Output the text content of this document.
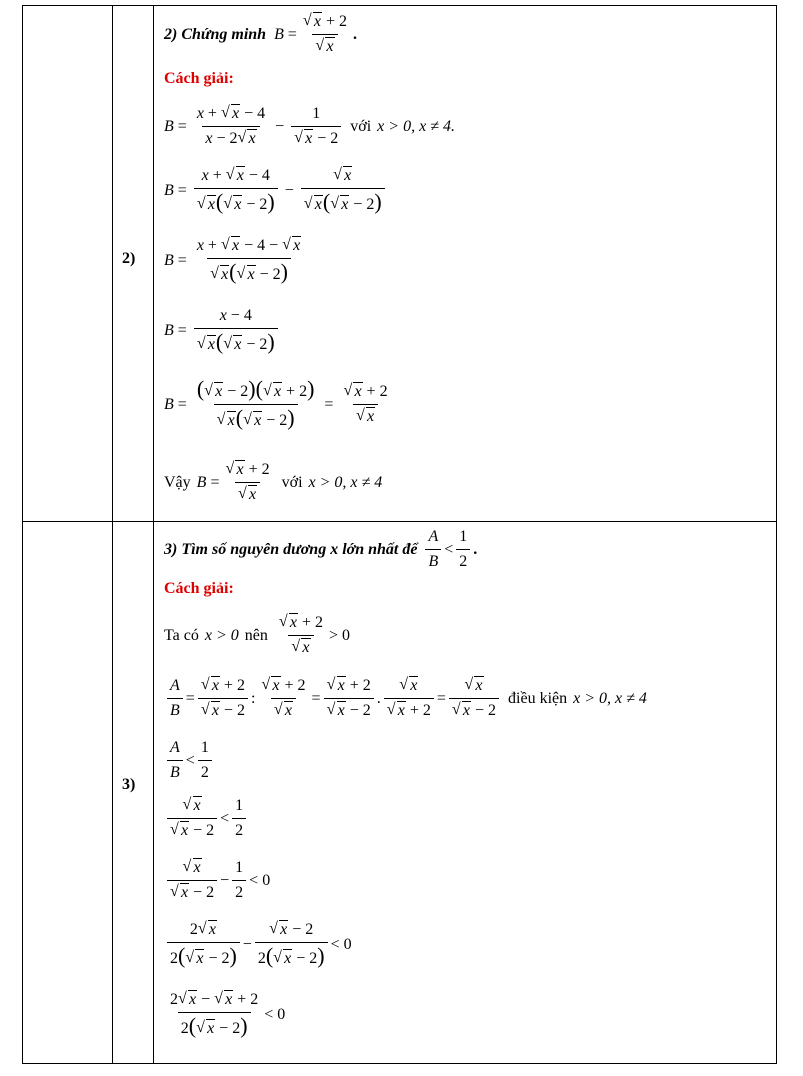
2)
3)
2) Chứng minh B = √ x + 2
√ x .
Cách giải:
$B = \frac{x + √ x - 4}{x - 2 √ x} - 1$
√ x − 2 với x > 0, x ≠ 4.
B = x + √ x − 4
√ x( √ x − 2) − √ x
√ x( √ x − 2)
B = x + √ x − 4 − √ x
√ x( √ x − 2)
B = x − 4
√ x( √ x − 2)
B = ( √ x − 2)( √ x + 2)
√ x( √ x − 2) = √ x + 2
√ x
Vậy B = √ x + 2
√ x với x > 0, x ≠ 4
3) Tìm số nguyên dương x lớn nhất để $\frac{A}{B} < \frac{1}{2}$ .
Cách giải:
Ta có x > 0 nên √ x + 2
√ x > 0
$\frac{A}{B}$ = √ x + 2
√ x − 2 : √ x + 2
√ x = √ x + 2
√ x − 2 . √ x
√ x + 2 = √ x
√ x − 2 điều kiện x > 0, x ≠ 4
$\frac{A}{B} < \frac{1}{2}$
√ x
√ $x - 2 < \frac{1}{2}$
√ x
√ $x - 2 - \frac{1}{2} < 0$
$\frac{2 √ x}{2( √ x - 2)}$ − √ $\frac{x - 2}{2( √ x - 2)} < 0$
$\frac{2 √ x - √ x + 2}{2( √ x - 2)} < 0$
